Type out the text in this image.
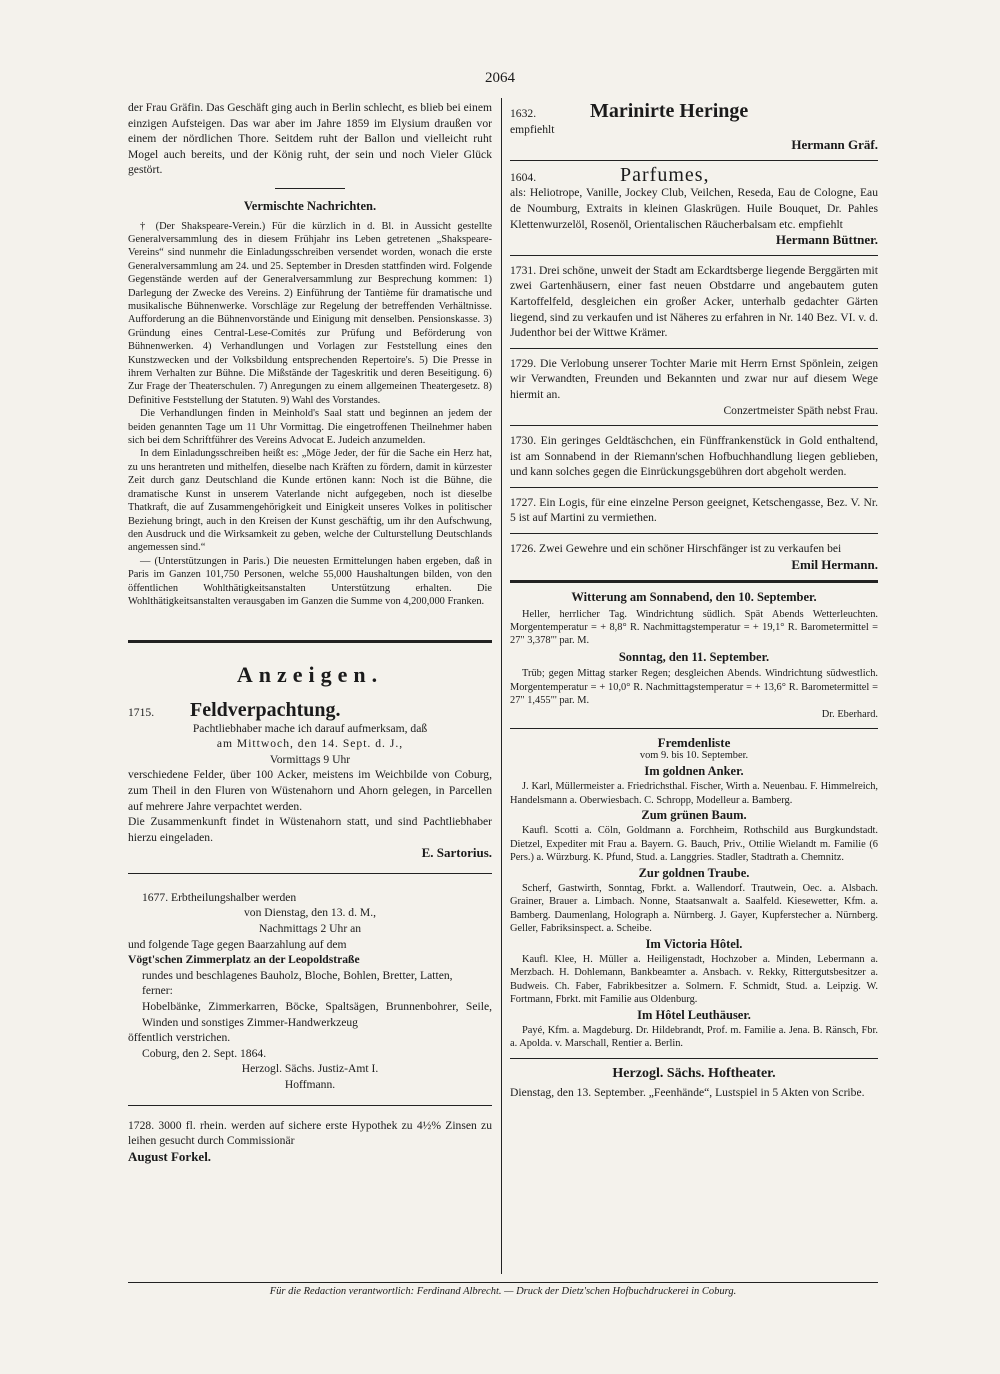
2064

der Frau Gräfin. Das Geschäft ging auch in Berlin schlecht, es blieb bei einem einzigen Aufsteigen. Das war aber im Jahre 1859 im Elysium draußen vor einem der nördlichen Thore. Seitdem ruht der Ballon und vielleicht ruht Mogel auch bereits, und der König ruht, der sein und noch Vieler Glück gestört.

Vermischte Nachrichten.

† (Der Shakspeare-Verein.) Für die kürzlich in d. Bl. in Aussicht gestellte Generalversammlung des in diesem Frühjahr ins Leben getretenen „Shakspeare-Vereins“ sind nunmehr die Einladungsschreiben versendet worden, wonach die erste Generalversammlung am 24. und 25. September in Dresden stattfinden wird. Folgende Gegenstände werden auf der Generalversammlung zur Besprechung kommen: 1) Darlegung der Zwecke des Vereins. 2) Einführung der Tantième für dramatische und musikalische Bühnenwerke. Vorschläge zur Regelung der betreffenden Verhältnisse. Aufforderung an die Bühnenvorstände und Einigung mit denselben. Pensionskasse. 3) Gründung eines Central-Lese-Comités zur Prüfung und Beförderung von Bühnenwerken. 4) Verhandlungen und Vorlagen zur Feststellung eines den Kunstzwecken und der Volksbildung entsprechenden Repertoire's. 5) Die Presse in ihrem Verhalten zur Bühne. Die Mißstände der Tageskritik und deren Beseitigung. 6) Zur Frage der Theaterschulen. 7) Anregungen zu einem allgemeinen Theatergesetz. 8) Definitive Feststellung der Statuten. 9) Wahl des Vorstandes.

Die Verhandlungen finden in Meinhold's Saal statt und beginnen an jedem der beiden genannten Tage um 11 Uhr Vormittag. Die eingetroffenen Theilnehmer haben sich bei dem Schriftführer des Vereins Advocat E. Judeich anzumelden.

In dem Einladungsschreiben heißt es: „Möge Jeder, der für die Sache ein Herz hat, zu uns herantreten und mithelfen, dieselbe nach Kräften zu fördern, damit in kürzester Zeit durch ganz Deutschland die Kunde ertönen kann: Noch ist die Bühne, die dramatische Kunst in unserem Vaterlande nicht aufgegeben, noch ist dieselbe Thatkraft, die auf Zusammengehörigkeit und Einigkeit unseres Volkes in politischer Beziehung bringt, auch in den Kreisen der Kunst geschäftig, um ihr den Aufschwung, den Ausdruck und die Wirksamkeit zu geben, welche der Culturstellung Deutschlands angemessen sind.“

— (Unterstützungen in Paris.) Die neuesten Ermittelungen haben ergeben, daß in Paris im Ganzen 101,750 Personen, welche 55,000 Haushaltungen bilden, von den öffentlichen Wohlthätigkeitsanstalten Unterstützung erhalten. Die Wohlthätigkeitsanstalten verausgaben im Ganzen die Summe von 4,200,000 Franken.

Anzeigen.
1715. Feldverpachtung.
Pachtliebhaber mache ich darauf aufmerksam, daß
am Mittwoch, den 14. Sept. d. J.,
Vormittags 9 Uhr

verschiedene Felder, über 100 Acker, meistens im Weichbilde von Coburg, zum Theil in den Fluren von Wüstenahorn und Ahorn gelegen, in Parcellen auf mehrere Jahre verpachtet werden.

Die Zusammenkunft findet in Wüstenahorn statt, und sind Pachtliebhaber hierzu eingeladen.

E. Sartorius.
1677. Erbtheilungshalber werden
von Dienstag, den 13. d. M.,
Nachmittags 2 Uhr an
und folgende Tage gegen Baarzahlung auf dem
Vögt'schen Zimmerplatz an der Leopoldstraße

rundes und beschlagenes Bauholz, Bloche, Bohlen, Bretter, Latten,

ferner:

Hobelbänke, Zimmerkarren, Böcke, Spaltsägen, Brunnenbohrer, Seile, Winden und sonstiges Zimmer-Handwerkzeug

öffentlich verstrichen.
Coburg, den 2. Sept. 1864.
Herzogl. Sächs. Justiz-Amt I.
Hoffmann.

1728. 3000 fl. rhein. werden auf sichere erste Hypothek zu 4½% Zinsen zu leihen gesucht durch Commissionär

August Forkel.
1632.	Marinirte Heringe
empfiehlt
Hermann Gräf.
1604.	Parfumes,

als: Heliotrope, Vanille, Jockey Club, Veilchen, Reseda, Eau de Cologne, Eau de Noumburg, Extraits in kleinen Glaskrügen. Huile Bouquet, Dr. Pahles Klettenwurzelöl, Rosenöl, Orientalischen Räucherbalsam etc. empfiehlt

Hermann Büttner.

1731. Drei schöne, unweit der Stadt am Eckardtsberge liegende Berggärten mit zwei Gartenhäusern, einer fast neuen Obstdarre und angebautem guten Kartoffelfeld, desgleichen ein großer Acker, unterhalb gedachter Gärten liegend, sind zu verkaufen und ist Näheres zu erfahren in Nr. 140 Bez. VI. v. d. Judenthor bei der Wittwe Krämer.

1729. Die Verlobung unserer Tochter Marie mit Herrn Ernst Spönlein, zeigen wir Verwandten, Freunden und Bekannten und zwar nur auf diesem Wege hiermit an.

Conzertmeister Späth nebst Frau.

1730. Ein geringes Geldtäschchen, ein Fünffrankenstück in Gold enthaltend, ist am Sonnabend in der Riemann'schen Hofbuchhandlung liegen geblieben, und kann solches gegen die Einrückungsgebühren dort abgeholt werden.

1727. Ein Logis, für eine einzelne Person geeignet, Ketschengasse, Bez. V. Nr. 5 ist auf Martini zu vermiethen.

1726. Zwei Gewehre und ein schöner Hirschfänger ist zu verkaufen bei

Emil Hermann.
Witterung am Sonnabend, den 10. September.

Heller, herrlicher Tag. Windrichtung südlich. Spät Abends Wetterleuchten. Morgentemperatur = + 8,8° R. Nachmittagstemperatur = + 19,1° R. Barometermittel = 27" 3,378"' par. M.

Sonntag, den 11. September.

Trüb; gegen Mittag starker Regen; desgleichen Abends. Windrichtung südwestlich. Morgentemperatur = + 10,0° R. Nachmittagstemperatur = + 13,6° R. Barometermittel = 27" 1,455"' par. M.

Dr. Eberhard.
Fremdenliste
vom 9. bis 10. September.
Im goldnen Anker.

J. Karl, Müllermeister a. Friedrichsthal. Fischer, Wirth a. Neuenbau. F. Himmelreich, Handelsmann a. Oberwiesbach. C. Schropp, Modelleur a. Bamberg.

Zum grünen Baum.

Kaufl. Scotti a. Cöln, Goldmann a. Forchheim, Rothschild aus Burgkundstadt. Dietzel, Expediter mit Frau a. Bayern. G. Bauch, Priv., Ottilie Wielandt m. Familie (6 Pers.) a. Würzburg. K. Pfund, Stud. a. Langgries. Stadler, Stadtrath a. Chemnitz.

Zur goldnen Traube.

Scherf, Gastwirth, Sonntag, Fbrkt. a. Wallendorf. Trautwein, Oec. a. Alsbach. Grainer, Brauer a. Limbach. Nonne, Staatsanwalt a. Saalfeld. Kiesewetter, Kfm. a. Bamberg. Daumenlang, Holograph a. Nürnberg. J. Gayer, Kupferstecher a. Nürnberg. Geller, Fabriksinspect. a. Scheibe.

Im Victoria Hôtel.

Kaufl. Klee, H. Müller a. Heiligenstadt, Hochzober a. Minden, Lebermann a. Merzbach. H. Dohlemann, Bankbeamter a. Ansbach. v. Rekky, Rittergutsbesitzer a. Budweis. Ch. Faber, Fabrikbesitzer a. Solmern. F. Schmidt, Stud. a. Leipzig. W. Fortmann, Fbrkt. mit Familie aus Oldenburg.

Im Hôtel Leuthäuser.

Payé, Kfm. a. Magdeburg. Dr. Hildebrandt, Prof. m. Familie a. Jena. B. Ränsch, Fbr. a. Apolda. v. Marschall, Rentier a. Berlin.

Herzogl. Sächs. Hoftheater.

Dienstag, den 13. September. „Feenhände“, Lustspiel in 5 Akten von Scribe.

Für die Redaction verantwortlich: Ferdinand Albrecht. — Druck der Dietz'schen Hofbuchdruckerei in Coburg.
